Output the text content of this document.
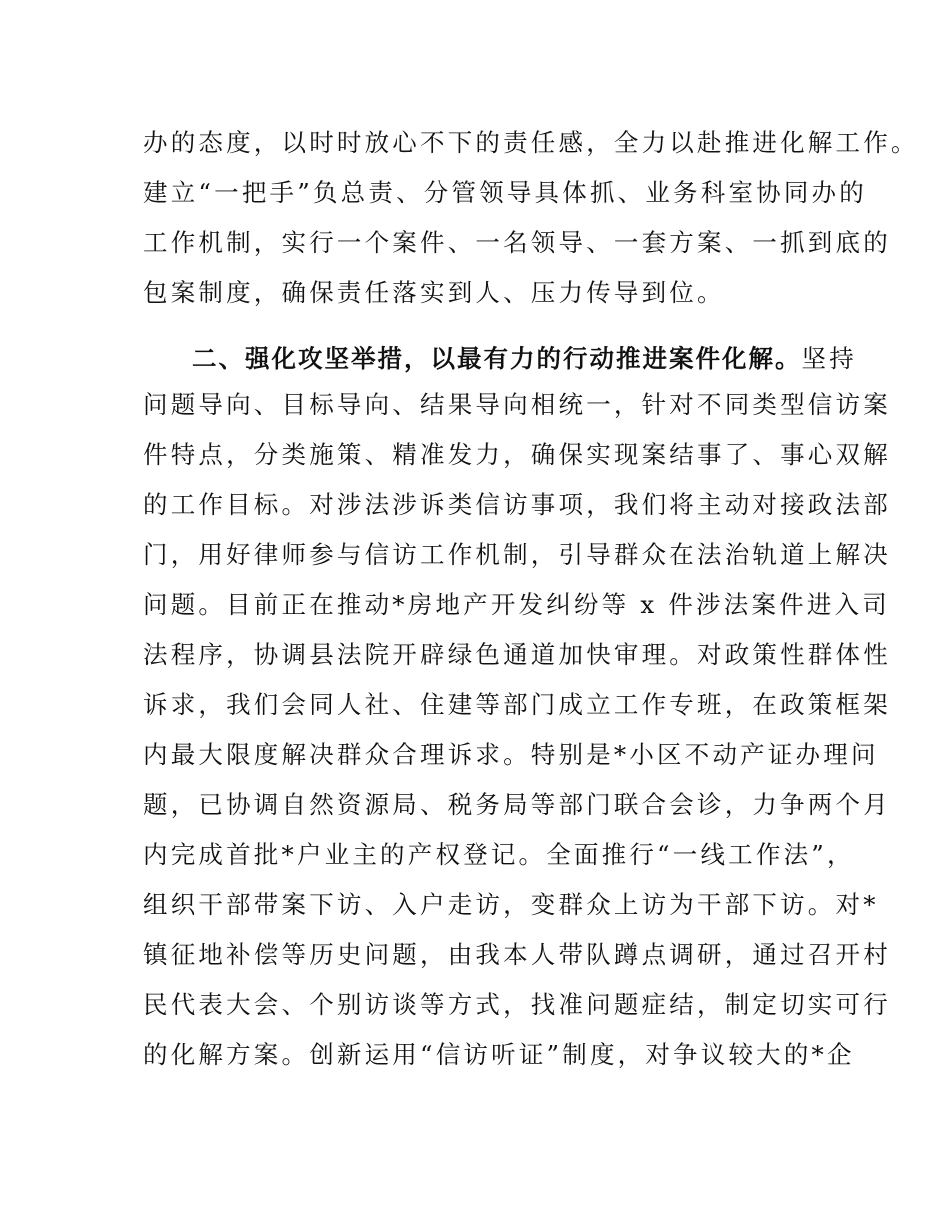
办的态度，以时时放心不下的责任感，全力以赴推进化解工作。
建立“一把手”负总责、分管领导具体抓、业务科室协同办的
工作机制，实行一个案件、一名领导、一套方案、一抓到底的
包案制度，确保责任落实到人、压力传导到位。
二、强化攻坚举措，以最有力的行动推进案件化解。坚持
问题导向、目标导向、结果导向相统一，针对不同类型信访案
件特点，分类施策、精准发力，确保实现案结事了、事心双解
的工作目标。对涉法涉诉类信访事项，我们将主动对接政法部
门，用好律师参与信访工作机制，引导群众在法治轨道上解决
问题。目前正在推动*房地产开发纠纷等 x 件涉法案件进入司
法程序，协调县法院开辟绿色通道加快审理。对政策性群体性
诉求，我们会同人社、住建等部门成立工作专班，在政策框架
内最大限度解决群众合理诉求。特别是*小区不动产证办理问
题，已协调自然资源局、税务局等部门联合会诊，力争两个月
内完成首批*户业主的产权登记。全面推行“一线工作法”，
组织干部带案下访、入户走访，变群众上访为干部下访。对*
镇征地补偿等历史问题，由我本人带队蹲点调研，通过召开村
民代表大会、个别访谈等方式，找准问题症结，制定切实可行
的化解方案。创新运用“信访听证”制度，对争议较大的*企
